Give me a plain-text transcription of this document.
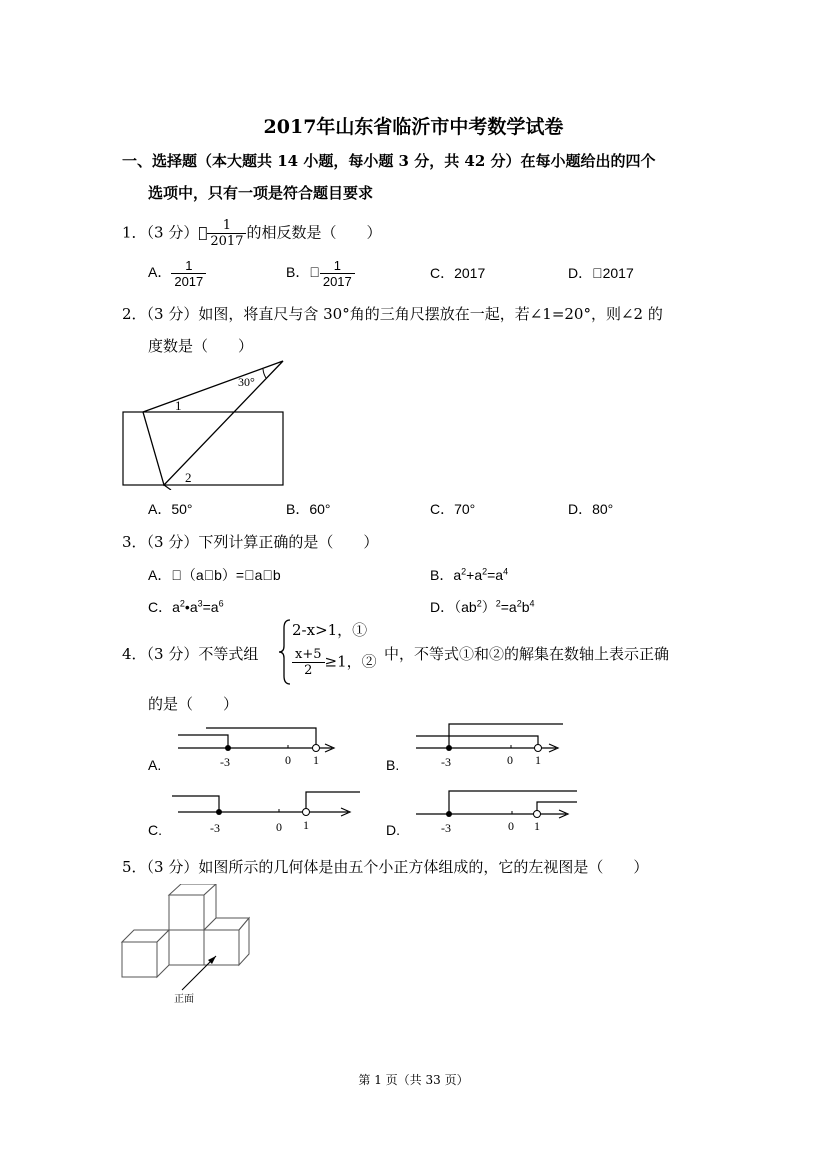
2017年山东省临沂市中考数学试卷
一、选择题（本大题共 14 小题，每小题 3 分，共 42 分）在每小题给出的四个
选项中，只有一项是符合题目要求
1．（3 分）  $\frac{1}{2017}$ 的相反数是（　　）
A． $\frac{1}{2017}$	B．  $\frac{1}{2017}$	C．2017	D． 2017
2．（3 分）如图，将直尺与含 30°角的三角尺摆放在一起，若∠1=20°，则∠2 的
度数是（　　）
30°
1
2
A．50°	B．60°	C．70°	D．80°
3．（3 分）下列计算正确的是（　　）
A． （a b）= a b	B．$a^2+a^2=a^4$
C．$a^2•a^3=a^6$	D．$(ab^2)^2=a^2b^4$
4．（3 分）不等式组
2-x>1，①
$\frac{x+5}{2} \ge 1$，② 中，不等式①和②的解集在数轴上表示正确
的是（　　）
A.	-3	0 1	B.	-3	0 1
C.	-3	0 1	D.	-3	0 1
5．（3 分）如图所示的几何体是由五个小正方体组成的，它的左视图是（　　）
正面
第 1 页（共 33 页）
